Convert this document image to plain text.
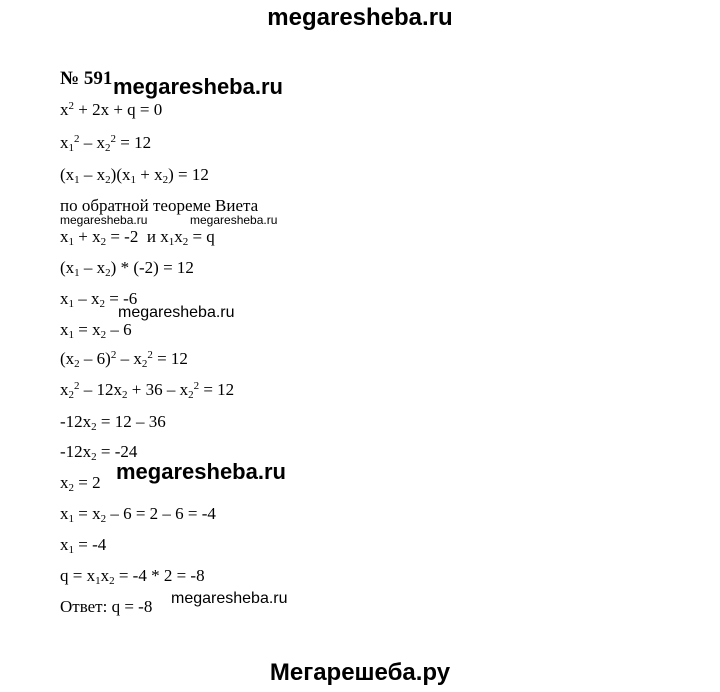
megaresheba.ru
№ 591 megaresheba.ru
$x^2 + 2x + q = 0$
$x_1^2 - x_2^2 = 12$
$(x_1 - x_2)(x_1 + x_2) = 12$
по обратной теореме Виета
megaresheba.ru	megaresheba.ru
$x_1 + x_2 = -2$  и $x_1x_2 = q$
$(x_1 - x_2) * (-2) = 12$
$x_1 - x_2 = -6$
megaresheba.ru
$x_1 = x_2 - 6$
$(x_2 - 6)^2 - x_2^2 = 12$
$x_2^2 - 12x_2 + 36 - x_2^2 = 12$
$-12x_2 = 12 - 36$
$-12x_2 = -24$
$x_2 = 2$ megaresheba.ru
$x_1 = x_2 - 6 = 2 - 6 = -4$
$x_1 = -4$
$q = x_1x_2 = -4 * 2 = -8$
Ответ: q = -8 megaresheba.ru
Мегарешеба.ру
